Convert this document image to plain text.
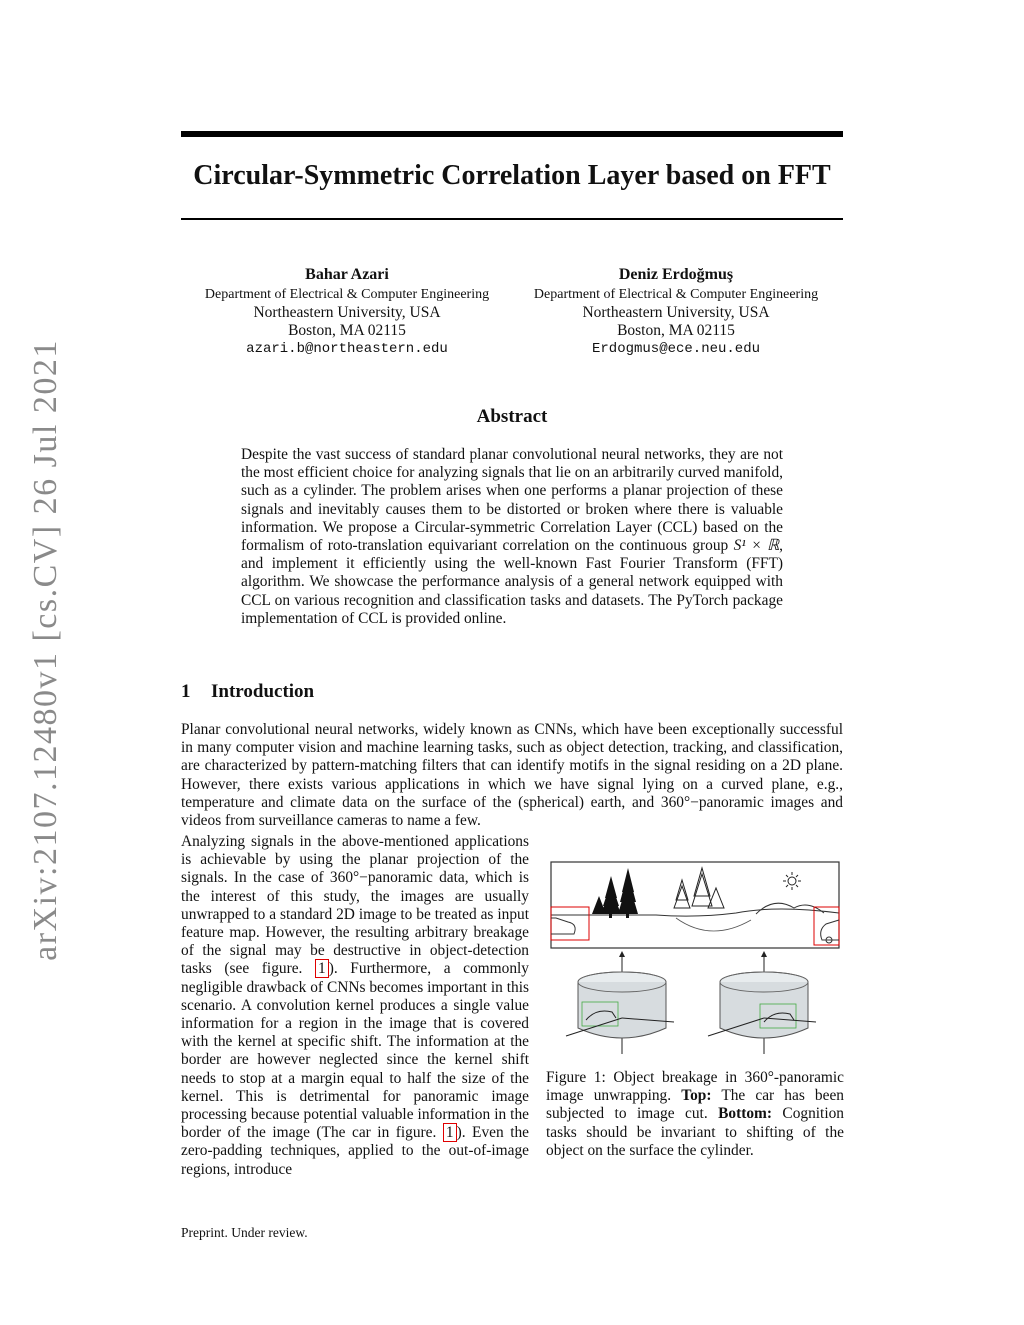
arXiv:2107.12480v1 [cs.CV] 26 Jul 2021
Circular-Symmetric Correlation Layer based on FFT
Bahar Azari
Department of Electrical & Computer Engineering
Northeastern University, USA
Boston, MA 02115
azari.b@northeastern.edu
Deniz Erdoğmuş
Department of Electrical & Computer Engineering
Northeastern University, USA
Boston, MA 02115
Erdogmus@ece.neu.edu
Abstract
Despite the vast success of standard planar convolutional neural networks, they are not the most efficient choice for analyzing signals that lie on an arbitrarily curved manifold, such as a cylinder. The problem arises when one performs a planar projection of these signals and inevitably causes them to be distorted or broken where there is valuable information. We propose a Circular-symmetric Correlation Layer (CCL) based on the formalism of roto-translation equivariant correlation on the continuous group S¹ × ℝ, and implement it efficiently using the well-known Fast Fourier Transform (FFT) algorithm. We showcase the performance analysis of a general network equipped with CCL on various recognition and classification tasks and datasets. The PyTorch package implementation of CCL is provided online.
1 Introduction
Planar convolutional neural networks, widely known as CNNs, which have been exceptionally successful in many computer vision and machine learning tasks, such as object detection, tracking, and classification, are characterized by pattern-matching filters that can identify motifs in the signal residing on a 2D plane. However, there exists various applications in which we have signal lying on a curved plane, e.g., temperature and climate data on the surface of the (spherical) earth, and 360°−panoramic images and videos from surveillance cameras to name a few.
Analyzing signals in the above-mentioned applications is achievable by using the planar projection of the signals. In the case of 360°−panoramic data, which is the interest of this study, the images are usually unwrapped to a standard 2D image to be treated as input feature map. However, the resulting arbitrary breakage of the signal may be destructive in object-detection tasks (see figure. 1 ). Furthermore, a commonly negligible drawback of CNNs becomes important in this scenario. A convolution kernel produces a single value information for a region in the image that is covered with the kernel at specific shift. The information at the border are however neglected since the kernel shift needs to stop at a margin equal to half the size of the kernel. This is detrimental for panoramic image processing because potential valuable information in the border of the image (The car in figure. 1 ). Even the zero-padding techniques, applied to the out-of-image regions, introduce
Figure 1: Object breakage in 360°-panoramic image unwrapping. Top: The car has been subjected to image cut. Bottom: Cognition tasks should be invariant to shifting of the object on the surface the cylinder.
Preprint. Under review.
